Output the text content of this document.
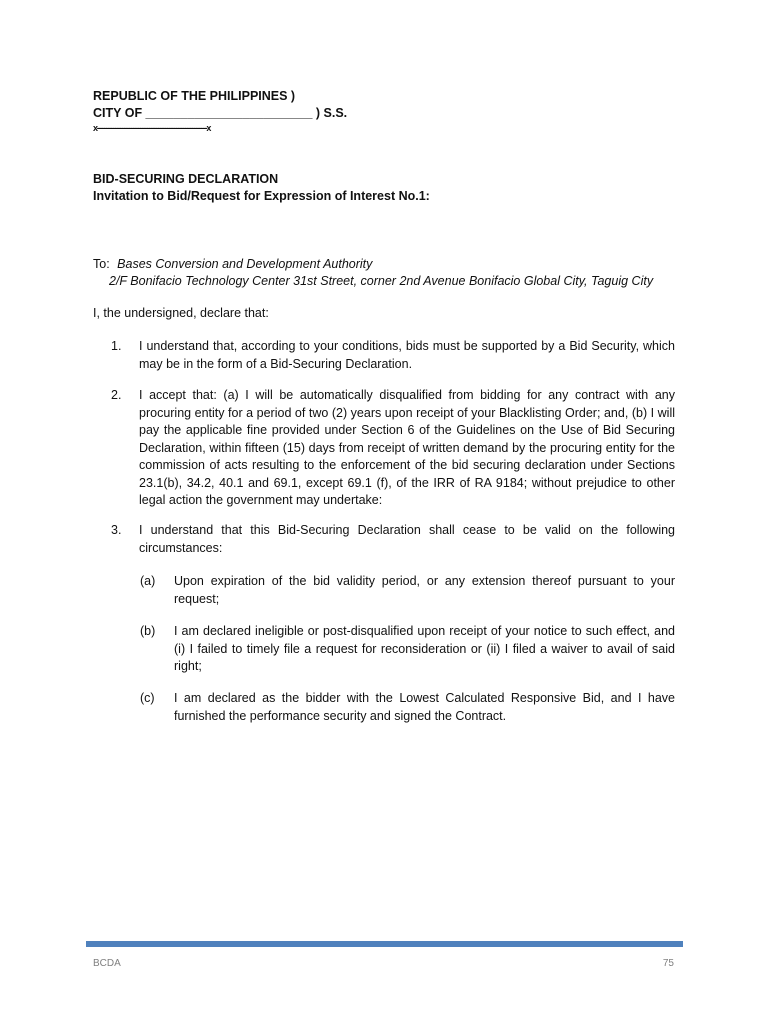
REPUBLIC OF THE PHILIPPINES )
CITY OF ________________________ ) S.S.
x-------------------------------------------------------------x
BID-SECURING DECLARATION
Invitation to Bid/Request for Expression of Interest No.1:
To: Bases Conversion and Development Authority
2/F Bonifacio Technology Center 31st Street, corner 2nd Avenue Bonifacio Global City, Taguig City
I, the undersigned, declare that:
1.	I understand that, according to your conditions, bids must be supported by a Bid Security, which may be in the form of a Bid-Securing Declaration.
2.	I accept that: (a) I will be automatically disqualified from bidding for any contract with any procuring entity for a period of two (2) years upon receipt of your Blacklisting Order; and, (b) I will pay the applicable fine provided under Section 6 of the Guidelines on the Use of Bid Securing Declaration, within fifteen (15) days from receipt of written demand by the procuring entity for the commission of acts resulting to the enforcement of the bid securing declaration under Sections 23.1(b), 34.2, 40.1 and 69.1, except 69.1 (f), of the IRR of RA 9184; without prejudice to other legal action the government may undertake:
3.	I understand that this Bid-Securing Declaration shall cease to be valid on the following circumstances:
(a)	Upon expiration of the bid validity period, or any extension thereof pursuant to your request;
(b)	I am declared ineligible or post-disqualified upon receipt of your notice to such effect, and (i) I failed to timely file a request for reconsideration or (ii) I filed a waiver to avail of said right;
(c)	I am declared as the bidder with the Lowest Calculated Responsive Bid, and I have furnished the performance security and signed the Contract.
BCDA	75
